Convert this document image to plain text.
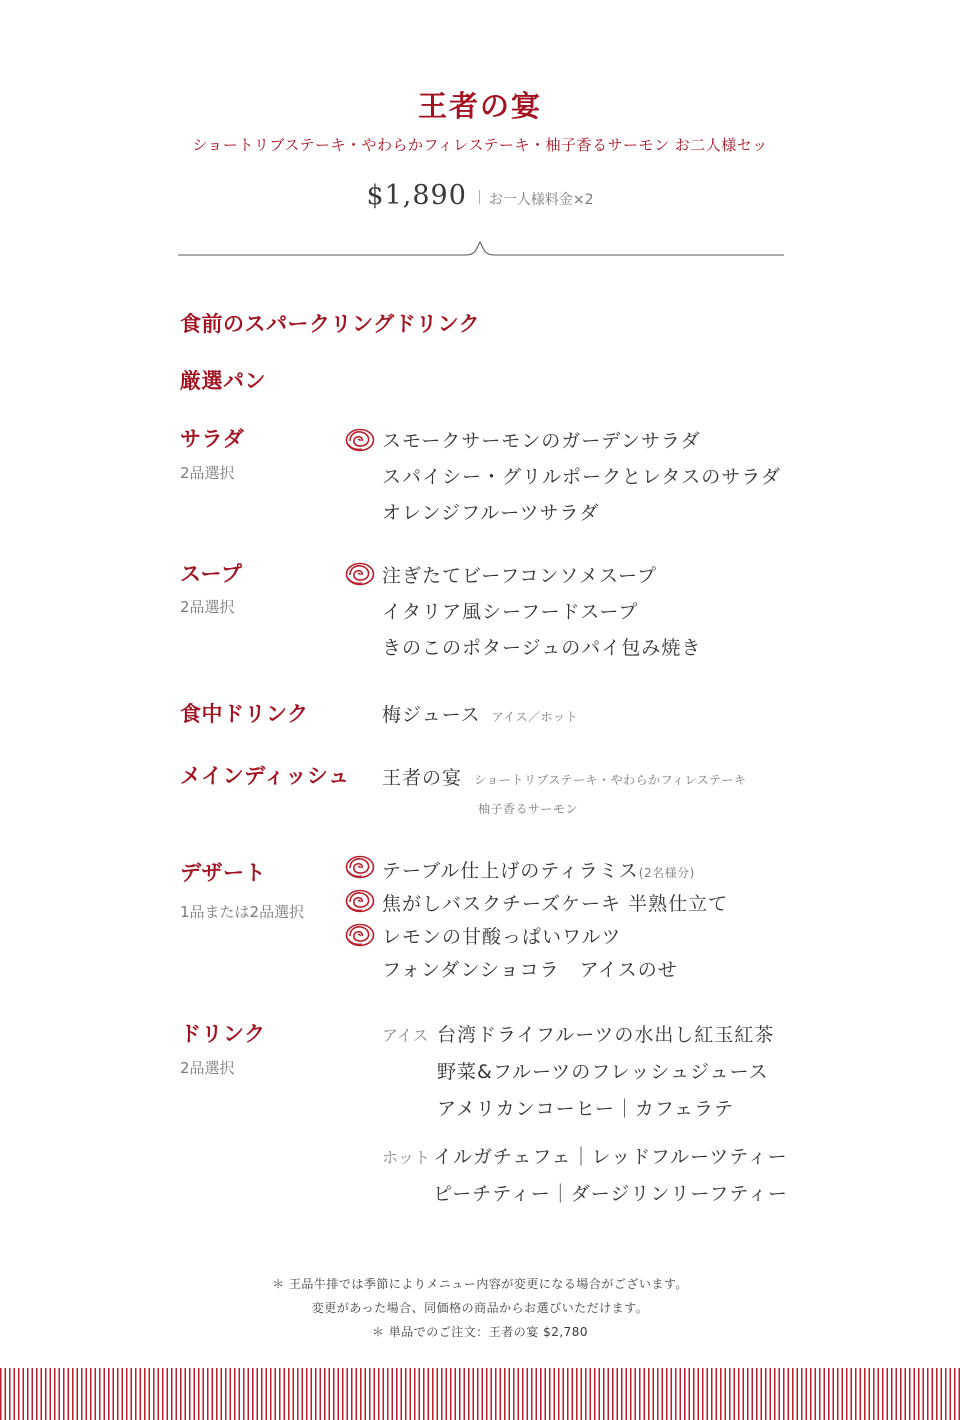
王者の宴
ショートリブステーキ・やわらかフィレステーキ・柚子香るサーモン お二人様セッ
$1,890 お一人様料金×2
食前のスパークリングドリンク
厳選パン
サラダ
2品選択
スモークサーモンのガーデンサラダ
スパイシー・グリルポークとレタスのサラダ
オレンジフルーツサラダ
スープ
2品選択
注ぎたてビーフコンソメスープ
イタリア風シーフードスープ
きのこのポタージュのパイ包み焼き
食中ドリンク	梅ジュース アイス／ホット
メインディッシュ 王者の宴 ショートリブステーキ・やわらかフィレステーキ
柚子香るサーモン
デザート
1品または2品選択
テーブル仕上げのティラミス(2名様分)
焦がしバスクチーズケーキ 半熟仕立て
レモンの甘酸っぱいワルツ
フォンダンショコラ　アイスのせ
ドリンク
2品選択
アイス 台湾ドライフルーツの水出し紅玉紅茶
野菜&フルーツのフレッシュジュース
アメリカンコーヒー｜カフェラテ
ホット イルガチェフェ｜レッドフルーツティー
ピーチティー｜ダージリンリーフティー
＊ 王品牛排では季節によりメニュー内容が変更になる場合がございます。
変更があった場合、同価格の商品からお選びいただけます。
＊ 単品でのご注文：王者の宴 $2,780
